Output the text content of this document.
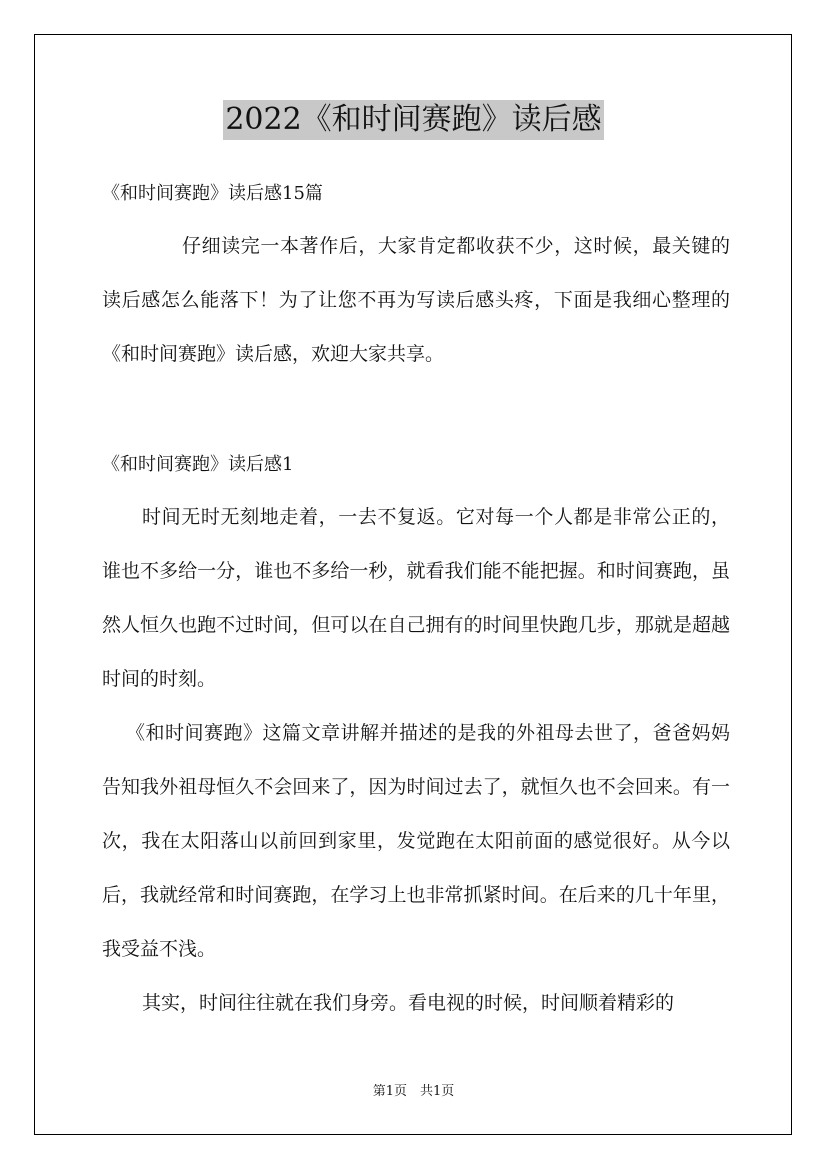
2022《和时间赛跑》读后感
《和时间赛跑》读后感15篇

仔细读完一本著作后，大家肯定都收获不少，这时候，最关键的读后感怎么能落下！为了让您不再为写读后感头疼，下面是我细心整理的《和时间赛跑》读后感，欢迎大家共享。

《和时间赛跑》读后感1

时间无时无刻地走着，一去不复返。它对每一个人都是非常公正的，谁也不多给一分，谁也不多给一秒，就看我们能不能把握。和时间赛跑，虽然人恒久也跑不过时间，但可以在自己拥有的时间里快跑几步，那就是超越时间的时刻。

《和时间赛跑》这篇文章讲解并描述的是我的外祖母去世了，爸爸妈妈告知我外祖母恒久不会回来了，因为时间过去了，就恒久也不会回来。有一次，我在太阳落山以前回到家里，发觉跑在太阳前面的感觉很好。从今以后，我就经常和时间赛跑，在学习上也非常抓紧时间。在后来的几十年里，我受益不浅。

其实，时间往往就在我们身旁。看电视的时候，时间顺着精彩的

第1页　共1页
